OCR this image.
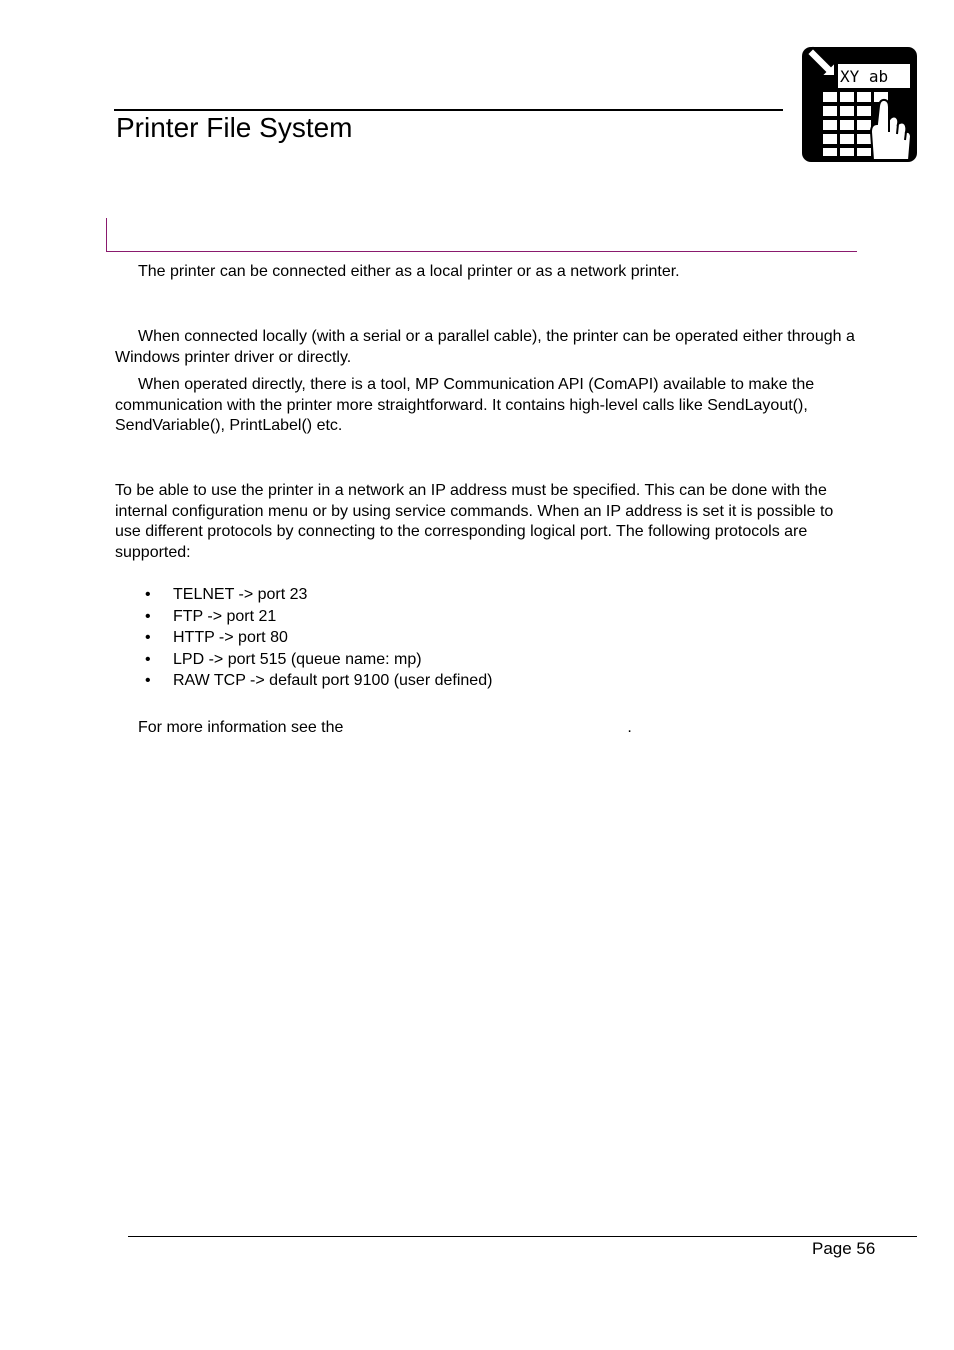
Printer File System
XY ab
The printer can be connected either as a local printer or as a network printer.
When connected locally (with a serial or a parallel cable), the printer can be operated either through a Windows printer driver or directly.
When operated directly, there is a tool, MP Communication API (ComAPI) available to make the communication with the printer more straightforward. It contains high-level calls like SendLayout(), SendVariable(), PrintLabel() etc.
To be able to use the printer in a network an IP address must be specified. This can be done with the internal configuration menu or by using service commands. When an IP address is set it is possible to use different protocols by connecting to the corresponding logical port. The following protocols are supported:
• TELNET -> port 23
• FTP -> port 21
• HTTP -> port 80
• LPD -> port 515 (queue name: mp)
• RAW TCP -> default port 9100 (user defined)
For more information see the	.
Page 56
